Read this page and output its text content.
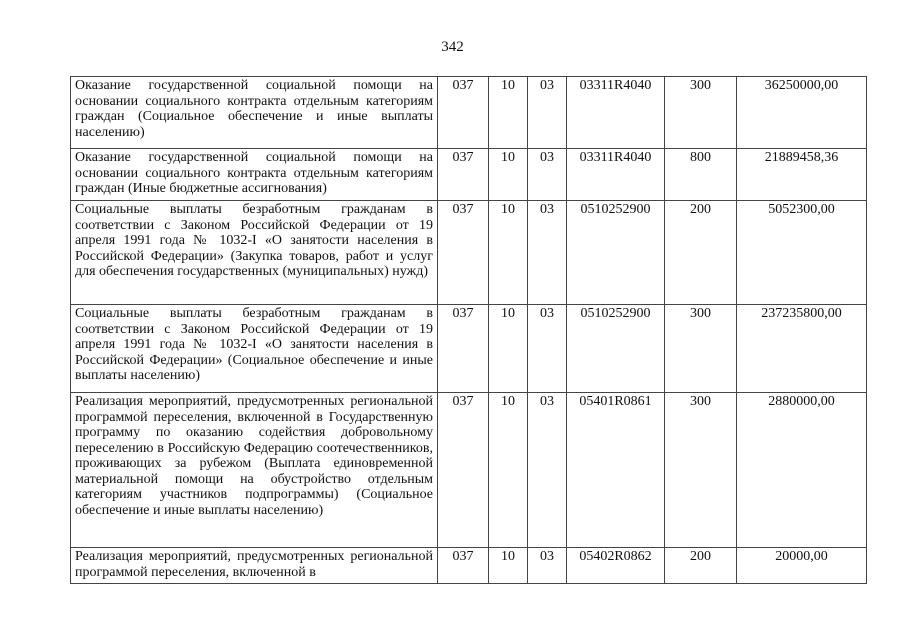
342
Оказание государственной социальной помощи на основании социального контракта отдельным категориям граждан (Социальное обеспечение и иные выплаты населению)	037	10	03	03311R4040	300	36250000,00
Оказание государственной социальной помощи на основании социального контракта отдельным категориям граждан (Иные бюджетные ассигнования)	037	10	03	03311R4040	800	21889458,36
Социальные выплаты безработным гражданам в соответствии с Законом Российской Федерации от 19 апреля 1991 года № 1032-I «О занятости населения в Российской Федерации» (Закупка товаров, работ и услуг для обеспечения государственных (муниципальных) нужд)	037	10	03	0510252900	200	5052300,00
Социальные выплаты безработным гражданам в соответствии с Законом Российской Федерации от 19 апреля 1991 года № 1032-I «О занятости населения в Российской Федерации» (Социальное обеспечение и иные выплаты населению)	037	10	03	0510252900	300	237235800,00
Реализация мероприятий, предусмотренных региональной программой переселения, включенной в Государственную программу по оказанию содействия добровольному переселению в Российскую Федерацию соотечественников, проживающих за рубежом (Выплата единовременной материальной помощи на обустройство отдельным категориям участников подпрограммы) (Социальное обеспечение и иные выплаты населению)	037	10	03	05401R0861	300	2880000,00
Реализация мероприятий, предусмотренных региональной программой переселения, включенной в	037	10	03	05402R0862	200	20000,00
